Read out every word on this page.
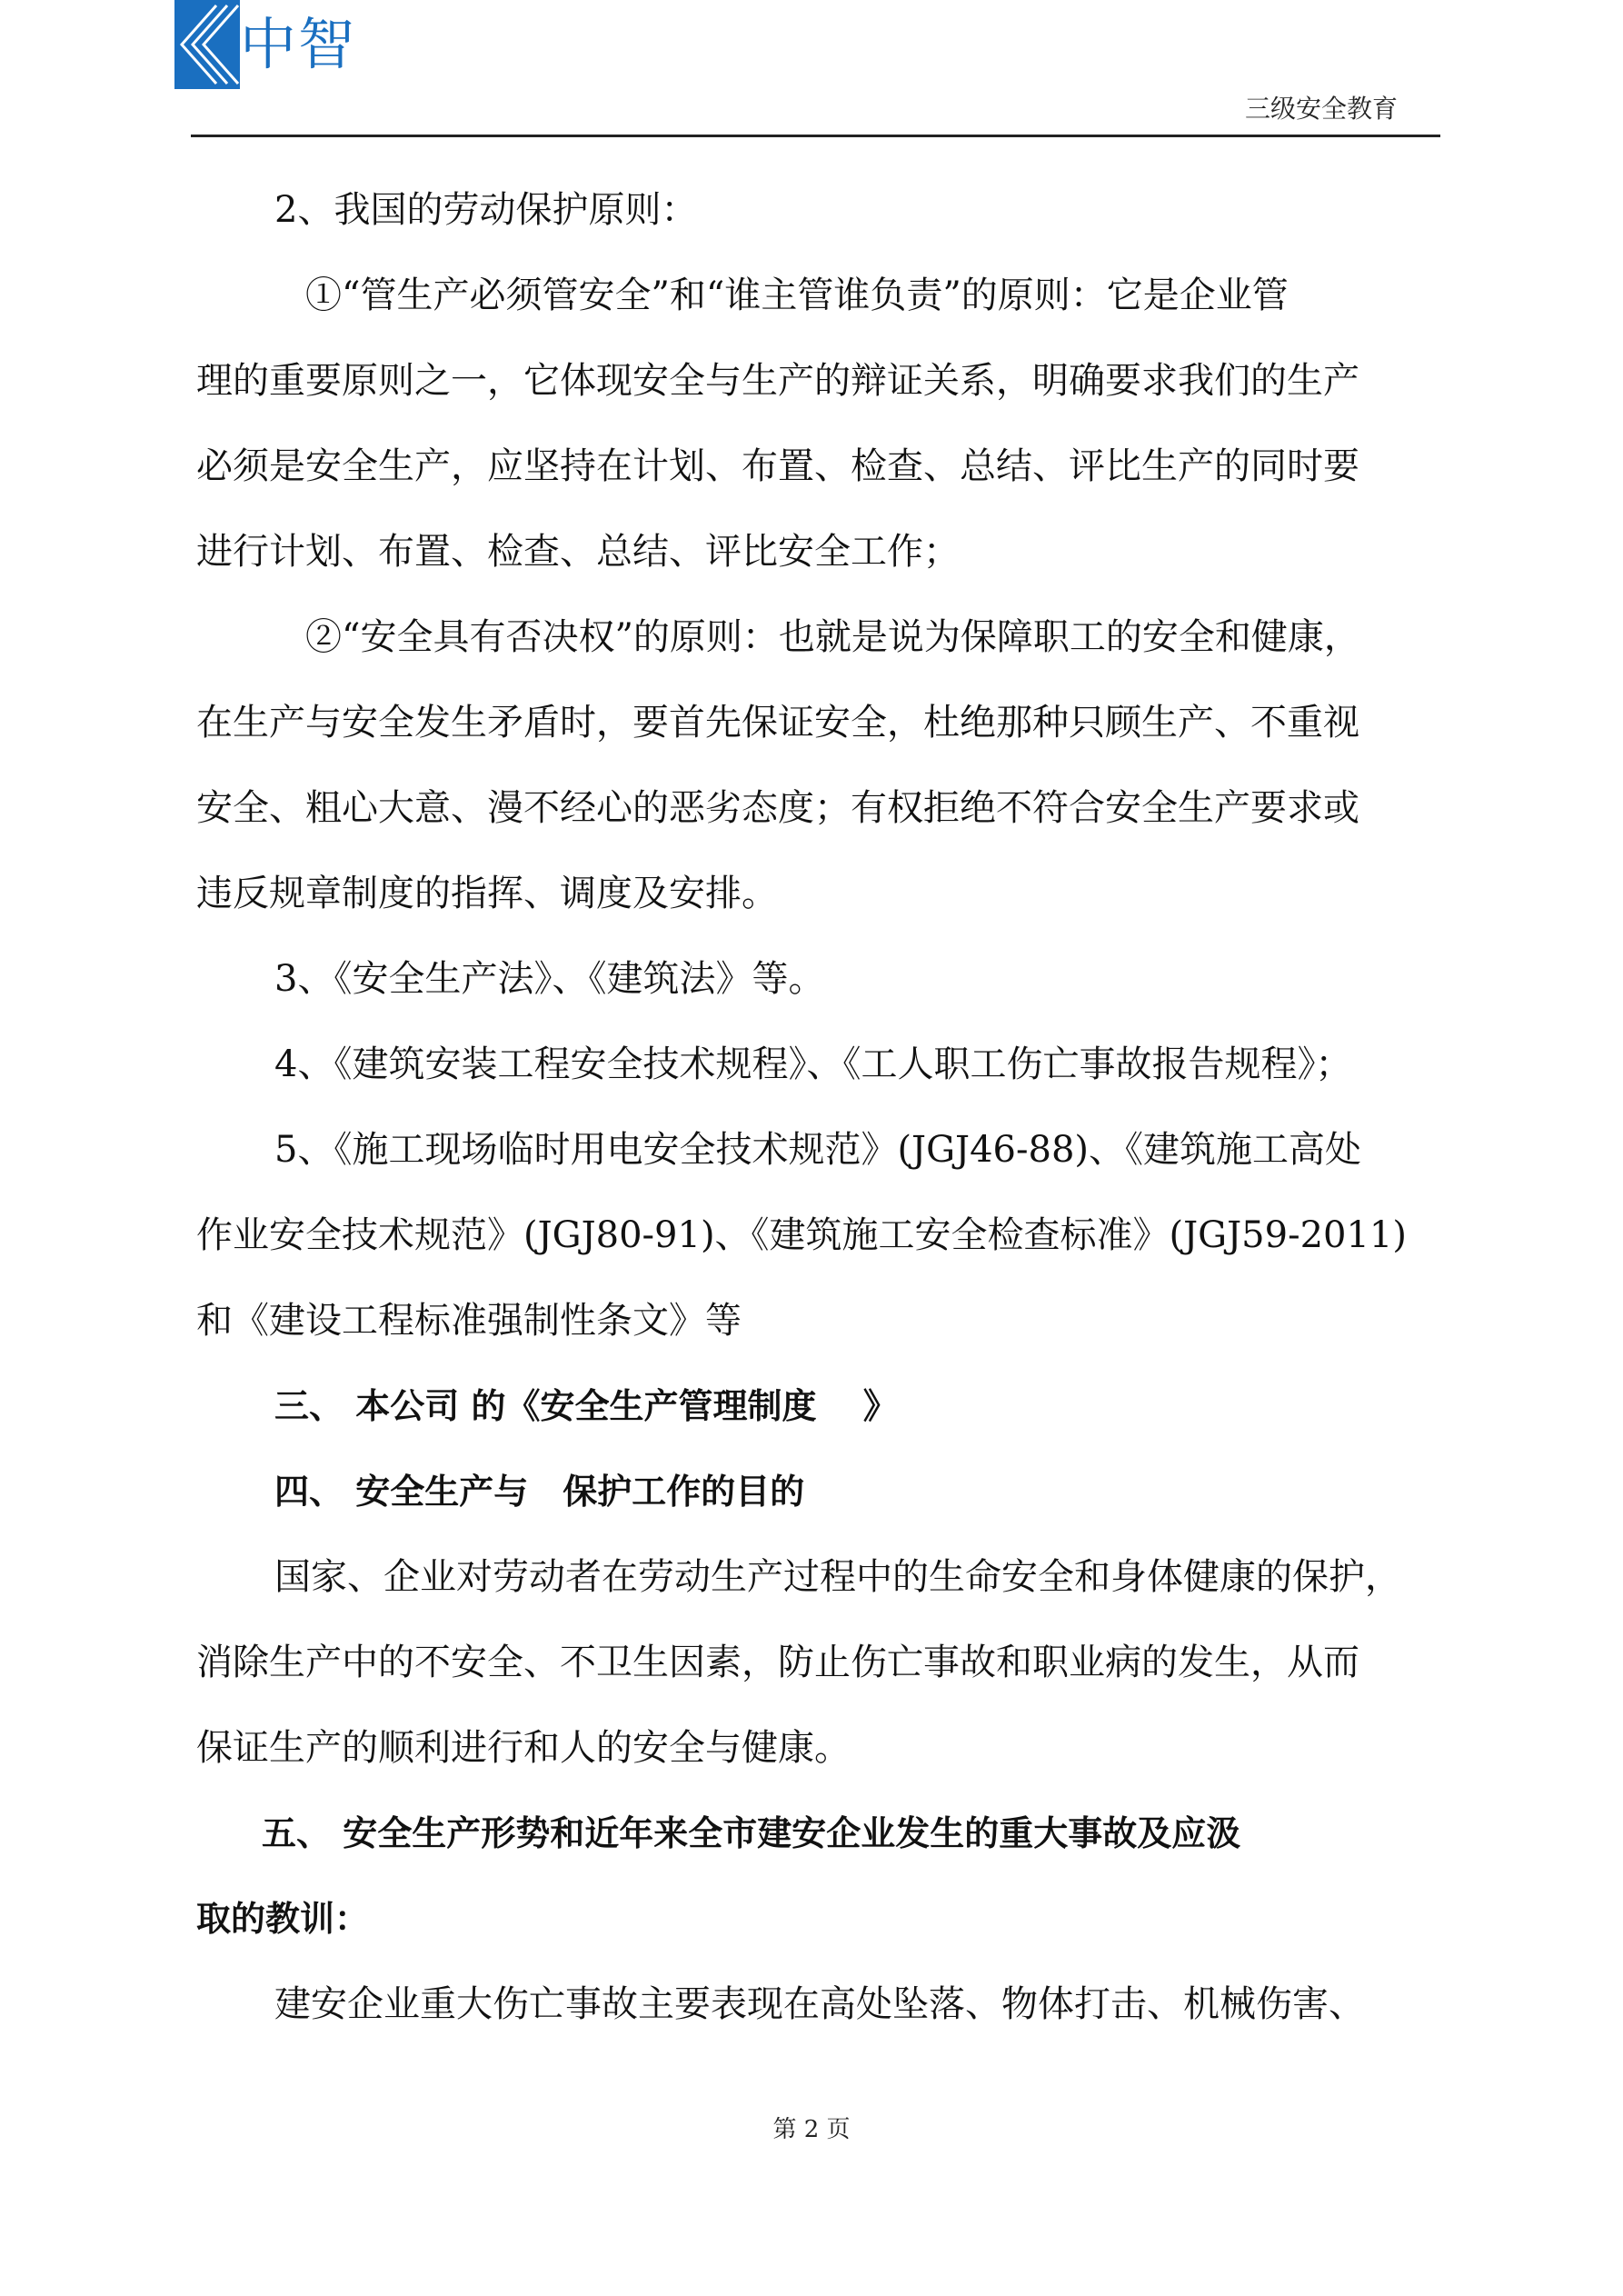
中智
三级安全教育

2、我国的劳动保护原则：

①“管生产必须管安全”和“谁主管谁负责”的原则：它是企业管

理的重要原则之一，它体现安全与生产的辩证关系，明确要求我们的生产

必须是安全生产，应坚持在计划、布置、检查、总结、评比生产的同时要

进行计划、布置、检查、总结、评比安全工作；

②“安全具有否决权”的原则：也就是说为保障职工的安全和健康，

在生产与安全发生矛盾时，要首先保证安全，杜绝那种只顾生产、不重视

安全、粗心大意、漫不经心的恶劣态度；有权拒绝不符合安全生产要求或

违反规章制度的指挥、调度及安排。

3、《安全生产法》、《建筑法》等。

4、《建筑安装工程安全技术规程》、《工人职工伤亡事故报告规程》；

5、《施工现场临时用电安全技术规范》(JGJ46-88)、《建筑施工高处

作业安全技术规范》(JGJ80-91)、《建筑施工安全检查标准》(JGJ59-2011)

和《建设工程标准强制性条文》等

三、 本公司 的《安全生产管理制度　 》

四、 安全生产与　保护工作的目的

国家、企业对劳动者在劳动生产过程中的生命安全和身体健康的保护，

消除生产中的不安全、不卫生因素，防止伤亡事故和职业病的发生，从而

保证生产的顺利进行和人的安全与健康。

五、 安全生产形势和近年来全市建安企业发生的重大事故及应汲

取的教训：

建安企业重大伤亡事故主要表现在高处坠落、物体打击、机械伤害、

第 2 页
